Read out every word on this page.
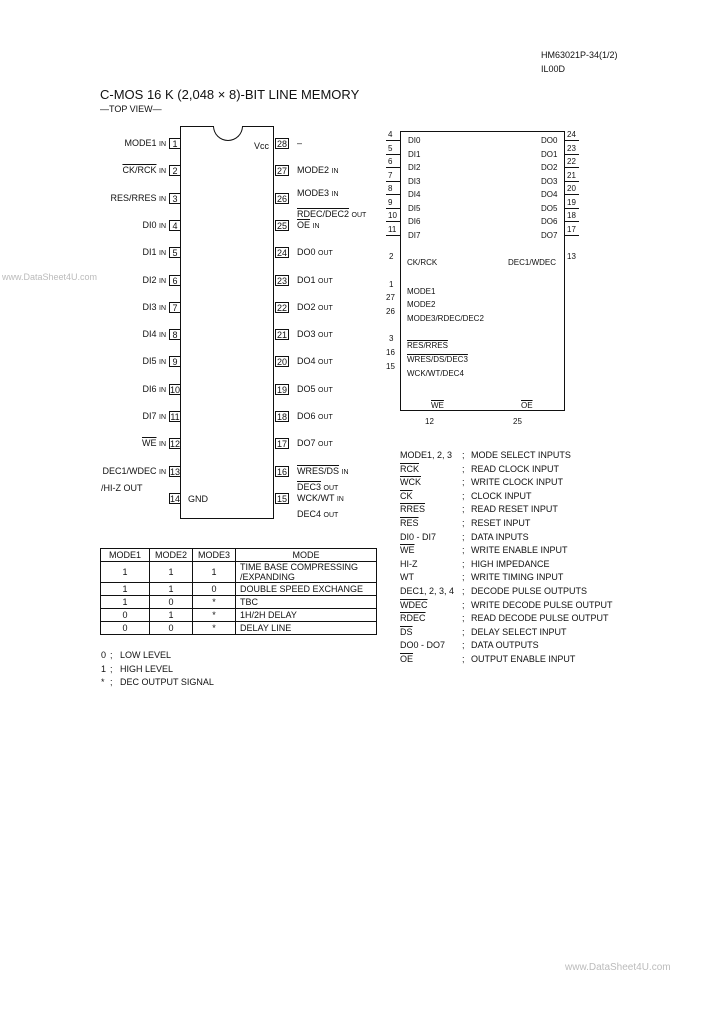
HM63021P-34(1/2)
IL00D
C-MOS 16 K (2,048 × 8)-BIT LINE MEMORY
—TOP VIEW—
www.DataSheet4U.com
www.DataSheet4U.com
Vcc
GND
1
MODE1 IN
2
CK/RCK IN
3
RES/RRES IN
4
DI0 IN
5
DI1 IN
6
DI2 IN
7
DI3 IN
8
DI4 IN
9
DI5 IN
10
DI6 IN
11
DI7 IN
12
$\overline{WE}$ IN
13
DEC1/WDEC IN
14
/HI-Z OUT
28 –
27 MODE2 IN
26
MODE3 IN
25 $\overline{OE}$ IN
24 DO0 OUT
23 DO1 OUT
22 DO2 OUT
21 DO3 OUT
20 DO4 OUT
19 DO5 OUT
18 DO6 OUT
17 DO7 OUT
16 WRES/DS IN
15 WCK/WT IN
RDEC/DEC2 OUT
DEC3 OUT
DEC4 OUT
4
DI0
5
DI1
6
DI2
7
DI3
8
DI4
9
DI5
10
DI6
11
DI7
24
DO0
23
DO1
22
DO2
21
DO3
20
DO4
19
DO5
18
DO6
17
DO7
CK/RCK
2
DEC1/WDEC
13
MODE1
1
MODE2
27
MODE3/RDEC/DEC2
26
RES/RRES
3
WRES/DS/DEC3
16
WCK/WT/DEC4
15
$\overline{WE}$
12
$\overline{OE}$
25
MODE1, 2, 3 ; MODE SELECT INPUTS
$\overline{RCK}$	; READ CLOCK INPUT
$\overline{WCK}$	; WRITE CLOCK INPUT
$\overline{CK}$	; CLOCK INPUT
RRES	; READ RESET INPUT
$\overline{RES}$	; RESET INPUT
DI0 - DI7	; DATA INPUTS
$\overline{WE}$	; WRITE ENABLE INPUT
HI-Z	; HIGH IMPEDANCE
WT	; WRITE TIMING INPUT
DEC1, 2, 3, 4 ; DECODE PULSE OUTPUTS
WDEC	; WRITE DECODE PULSE OUTPUT
RDEC	; READ DECODE PULSE OUTPUT
$\overline{DS}$	; DELAY SELECT INPUT
DO0 - DO7 ; DATA OUTPUTS
$\overline{OE}$	; OUTPUT ENABLE INPUT
MODE1	MODE2	MODE3	MODE
1	1	1	TIME BASE COMPRESSING /EXPANDING
1	1	0	DOUBLE SPEED EXCHANGE
1	0	*	TBC
0	1	*	1H/2H DELAY
0	0	*	DELAY LINE
0 ; LOW LEVEL
1 ; HIGH LEVEL
* ; DEC OUTPUT SIGNAL
